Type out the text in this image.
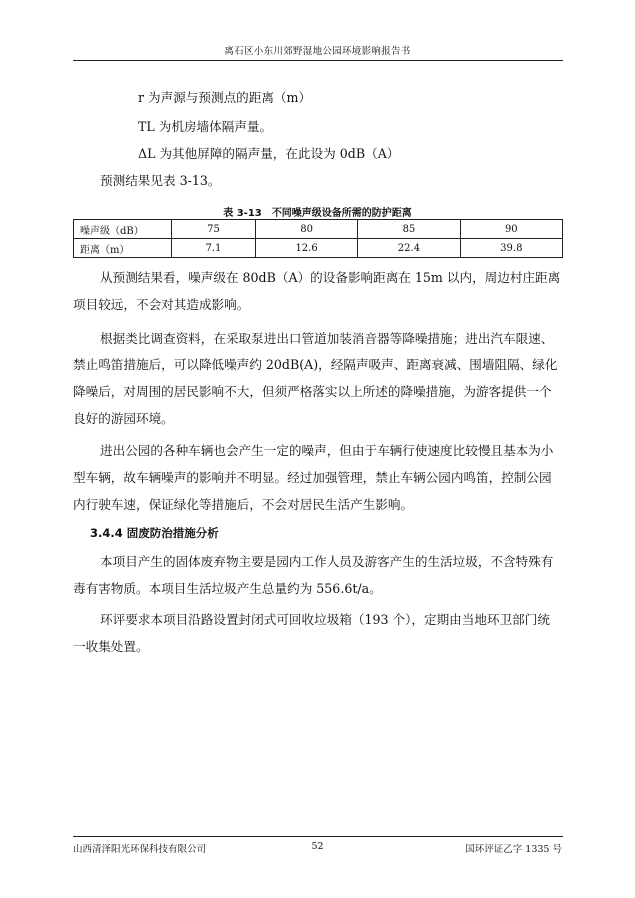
离石区小东川郊野湿地公园环境影响报告书
r 为声源与预测点的距离（m）
TL 为机房墙体隔声量。
ΔL 为其他屏障的隔声量，在此设为 0dB（A）
预测结果见表 3-13。
表 3-13　不同噪声级设备所需的防护距离
噪声级（dB）	75	80	85	90
距离（m）	7.1	12.6	22.4	39.8
从预测结果看，噪声级在 80dB（A）的设备影响距离在 15m 以内，周边村庄距离
项目较远，不会对其造成影响。
根据类比调查资料，在采取泵进出口管道加装消音器等降噪措施；进出汽车限速、
禁止鸣笛措施后，可以降低噪声约 20dB(A)，经隔声吸声、距离衰减、围墙阻隔、绿化
降噪后，对周围的居民影响不大，但须严格落实以上所述的降噪措施，为游客提供一个
良好的游园环境。
进出公园的各种车辆也会产生一定的噪声，但由于车辆行使速度比较慢且基本为小
型车辆，故车辆噪声的影响并不明显。经过加强管理，禁止车辆公园内鸣笛，控制公园
内行驶车速，保证绿化等措施后，不会对居民生活产生影响。
3.4.4 固废防治措施分析
本项目产生的固体废弃物主要是园内工作人员及游客产生的生活垃圾，不含特殊有
毒有害物质。本项目生活垃圾产生总量约为 556.6t/a。
环评要求本项目沿路设置封闭式可回收垃圾箱（193 个），定期由当地环卫部门统
一收集处置。
山西清泽阳光环保科技有限公司	52	国环评证乙字 1335 号
